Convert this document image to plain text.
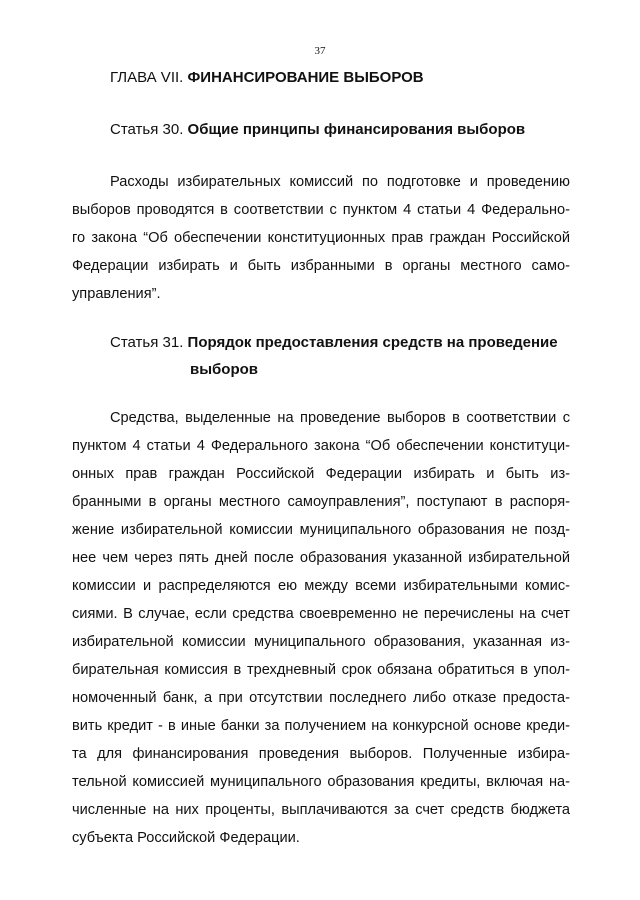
37
ГЛАВА VII. ФИНАНСИРОВАНИЕ ВЫБОРОВ
Статья 30. Общие принципы финансирования выборов
Расходы избирательных комиссий по подготовке и проведению
выборов проводятся в соответствии с пунктом 4 статьи 4 Федерально-
го закона “Об обеспечении конституционных прав граждан Российской
Федерации избирать и быть избранными в органы местного само-
управления”.
Статья 31. Порядок предоставления средств на проведение
выборов
Средства, выделенные на проведение выборов в соответствии с
пунктом 4 статьи 4 Федерального закона “Об обеспечении конституци-
онных прав граждан Российской Федерации избирать и быть из-
бранными в органы местного самоуправления”, поступают в распоря-
жение избирательной комиссии муниципального образования не позд-
нее чем через пять дней после образования указанной избирательной
комиссии и распределяются ею между всеми избирательными комис-
сиями. В случае, если средства своевременно не перечислены на счет
избирательной комиссии муниципального образования, указанная из-
бирательная комиссия в трехдневный срок обязана обратиться в упол-
номоченный банк, а при отсутствии последнего либо отказе предоста-
вить кредит - в иные банки за получением на конкурсной основе креди-
та для финансирования проведения выборов. Полученные избира-
тельной комиссией муниципального образования кредиты, включая на-
численные на них проценты, выплачиваются за счет средств бюджета
субъекта Российской Федерации.
